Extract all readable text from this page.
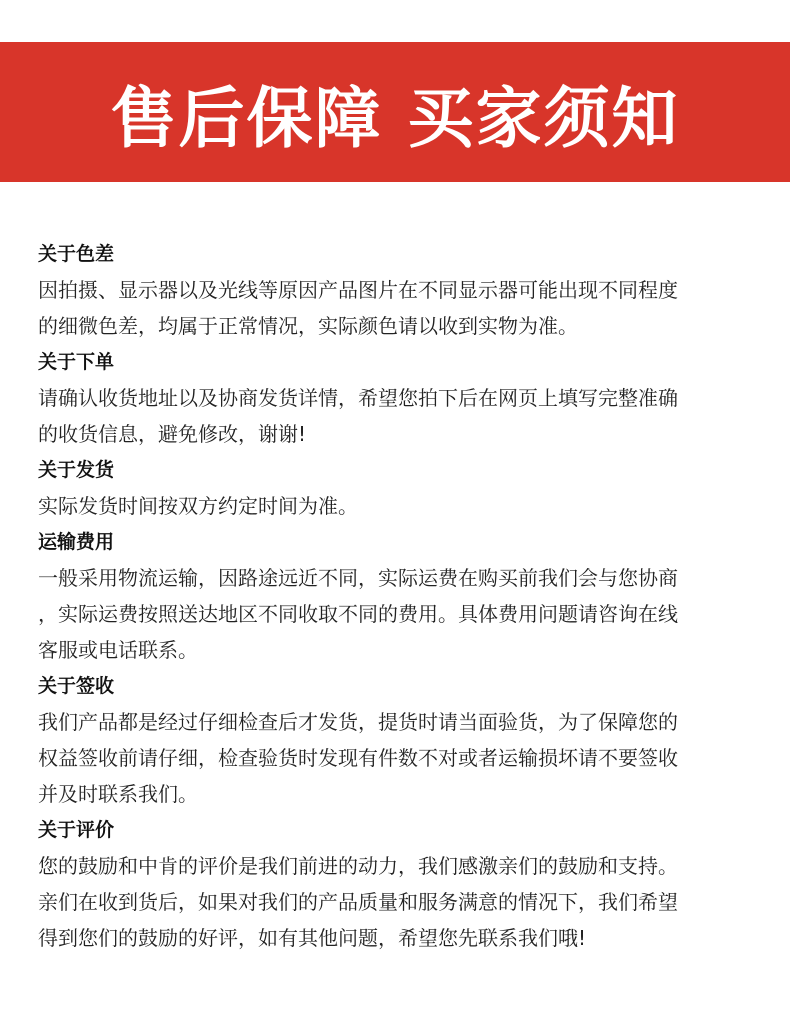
售后保障 买家须知
关于色差
因拍摄、显示器以及光线等原因产品图片在不同显示器可能出现不同程度
的细微色差，均属于正常情况，实际颜色请以收到实物为准。
关于下单
请确认收货地址以及协商发货详情，希望您拍下后在网页上填写完整准确
的收货信息，避免修改，谢谢!
关于发货
实际发货时间按双方约定时间为准。
运输费用
一般采用物流运输，因路途远近不同，实际运费在购买前我们会与您协商
，实际运费按照送达地区不同收取不同的费用。具体费用问题请咨询在线
客服或电话联系。
关于签收
我们产品都是经过仔细检查后才发货，提货时请当面验货，为了保障您的
权益签收前请仔细，检查验货时发现有件数不对或者运输损坏请不要签收
并及时联系我们。
关于评价
您的鼓励和中肯的评价是我们前进的动力，我们感激亲们的鼓励和支持。
亲们在收到货后，如果对我们的产品质量和服务满意的情况下，我们希望
得到您们的鼓励的好评，如有其他问题，希望您先联系我们哦!
